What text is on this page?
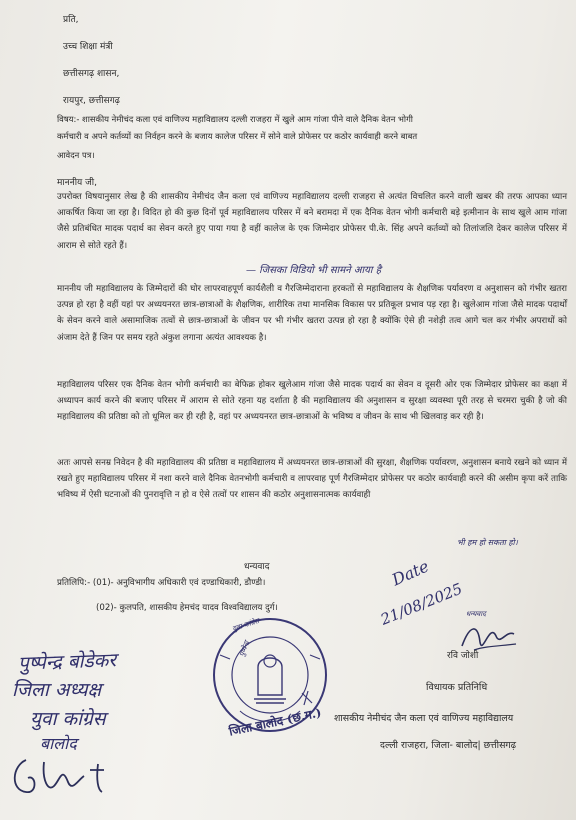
प्रति,
उच्च शिक्षा मंत्री
छत्तीसगढ़ शासन,
रायपुर, छत्तीसगढ़
विषय:- शासकीय नेमीचंद कला एवं वाणिज्य महाविद्यालय दल्ली राजहरा में खुले आम गांजा पीने वाले दैनिक वेतन भोगी
कर्मचारी व अपने कर्तव्यों का निर्वहन करने के बजाय कालेज परिसर में सोने वाले प्रोफेसर पर कठोर कार्यवाही करने बाबत
आवेदन पत्र।
माननीय जी,
उपरोक्त विषयानुसार लेख है की शासकीय नेमीचंद जैन कला एवं वाणिज्य महाविद्यालय दल्ली राजहरा से अत्यंत विचलित करने वाली खबर की तरफ आपका ध्यान आकर्षित किया जा रहा है। विदित हो की कुछ दिनों पूर्व महाविद्यालय परिसर में बने बरामदा में एक दैनिक वेतन भोगी कर्मचारी बड़े इत्मीनान के साथ खुले आम गांजा जैसे प्रतिबंधित मादक पदार्थ का सेवन करते हुए पाया गया है वहीं कालेज के एक जिम्मेदार प्रोफेसर पी.के. सिंह अपने कर्तव्यों को तिलांजलि देकर कालेज परिसर में आराम से सोते रहते हैं।
— जिसका विडियो भी सामने आया है
माननीय जी महाविद्यालय के जिम्मेदारों की घोर लापरवाहपूर्ण कार्यशैली व गैरजिम्मेदाराना हरकतों से महाविद्यालय के शैक्षणिक पर्यावरण व अनुशासन को गंभीर खतरा उत्पन्न हो रहा है वहीं यहां पर अध्ययनरत छात्र-छात्राओं के शैक्षणिक, शारीरिक तथा मानसिक विकास पर प्रतिकूल प्रभाव पड़ रहा है। खुलेआम गांजा जैसे मादक पदार्थों के सेवन करने वाले असामाजिक तत्वों से छात्र-छात्राओं के जीवन पर भी गंभीर खतरा उत्पन्न हो रहा है क्योंकि ऐसे ही नशेड़ी तत्व आगे चल कर गंभीर अपराधों को अंजाम देते हैं जिन पर समय रहते अंकुश लगाना अत्यंत आवश्यक है।
महाविद्यालय परिसर एक दैनिक वेतन भोगी कर्मचारी का बेफिक्र होकर खुलेआम गांजा जैसे मादक पदार्थ का सेवन व दूसरी ओर एक जिम्मेदार प्रोफेसर का कक्षा में अध्यापन कार्य करने की बजाए परिसर में आराम से सोते रहना यह दर्शाता है की महाविद्यालय की अनुशासन व सुरक्षा व्यवस्था पूरी तरह से चरमरा चुकी है जो की महाविद्यालय की प्रतिष्ठा को तो धूमिल कर ही रही है, वहां पर अध्ययनरत छात्र-छात्राओं के भविष्य व जीवन के साथ भी खिलवाड़ कर रही है।
अतः आपसे सनम्र निवेदन है की महाविद्यालय की प्रतिष्ठा व महाविद्यालय में अध्ययनरत छात्र-छात्राओं की सुरक्षा, शैक्षणिक पर्यावरण, अनुशासन बनाये रखने को ध्यान में रखते हुए महाविद्यालय परिसर में नशा करने वाले दैनिक वेतनभोगी कर्मचारी व लापरवाह पूर्ण गैरजिम्मेदार प्रोफेसर पर कठोर कार्यवाही करने की असीम कृपा करें ताकि भविष्य में ऐसी घटनाओं की पुनरावृत्ति न हो व ऐसे तत्वों पर शासन की कठोर अनुशासनात्मक कार्यवाही
भी हम हो सकता हो।
धन्यवाद
प्रतिलिपि:- (01)- अनुविभागीय अधिकारी एवं दण्डाधिकारी, डौण्डी।
(02)- कुलपति, शासकीय हेमचंद यादव विश्वविद्यालय दुर्ग।
Date
21/08/2025 धन्यवाद
रवि जोशी
विधायक प्रतिनिधि
शासकीय नेमीचंद जैन कला एवं वाणिज्य महाविद्यालय
दल्ली राजहरा, जिला- बालोद| छत्तीसगढ़
युवा कांग्रेस
जिला बालोद (छ.ग.)
पुष्पेन्द्र
पुष्पेन्द्र बोडेकर
जिला अध्यक्ष
युवा कांग्रेस
बालोद
